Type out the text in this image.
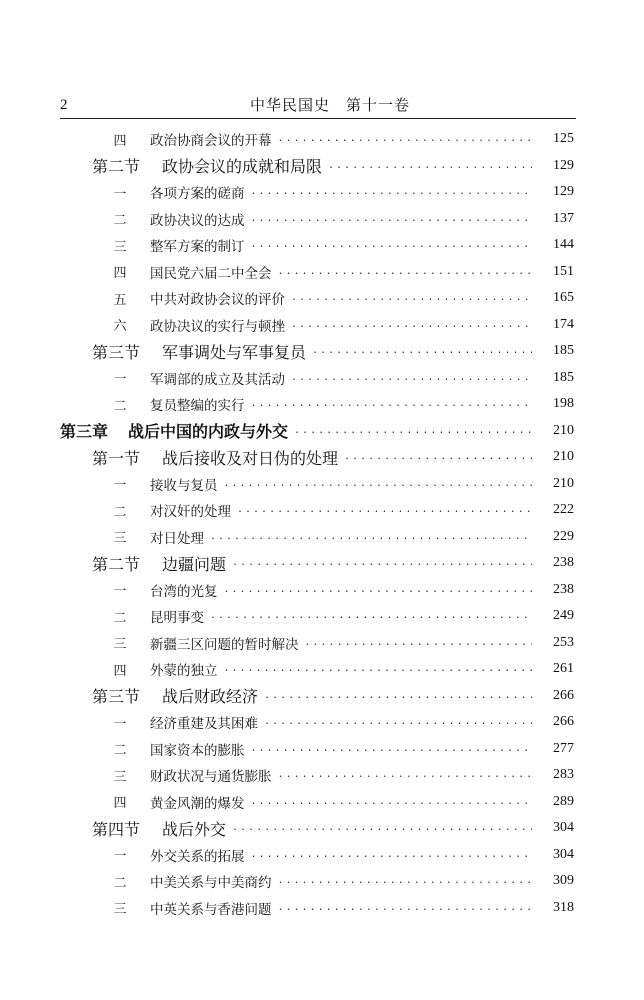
2	中华民国史　第十一卷
四	政治协商会议的开幕 .....	125
第二节	政协会议的成就和局限 .....	129
一	各项方案的磋商 .....	129
二	政协决议的达成 .....	137
三	整军方案的制订 .....	144
四	国民党六届二中全会 .....	151
五	中共对政协会议的评价 .....	165
六	政协决议的实行与顿挫 .....	174
第三节	军事调处与军事复员 .....	185
一	军调部的成立及其活动 .....	185
二	复员整编的实行 .....	198
第三章 战后中国的内政与外交 .....	210
第一节	战后接收及对日伪的处理 .....	210
一	接收与复员 .....	210
二	对汉奸的处理 .....	222
三	对日处理 .....	229
第二节	边疆问题 .....	238
一	台湾的光复 .....	238
二	昆明事变 .....	249
三	新疆三区问题的暂时解决 .....	253
四	外蒙的独立 .....	261
第三节	战后财政经济 .....	266
一	经济重建及其困难 .....	266
二	国家资本的膨胀 .....	277
三	财政状况与通货膨胀 .....	283
四	黄金风潮的爆发 .....	289
第四节	战后外交 .....	304
一	外交关系的拓展 .....	304
二	中美关系与中美商约 .....	309
三	中英关系与香港问题 .....	318
